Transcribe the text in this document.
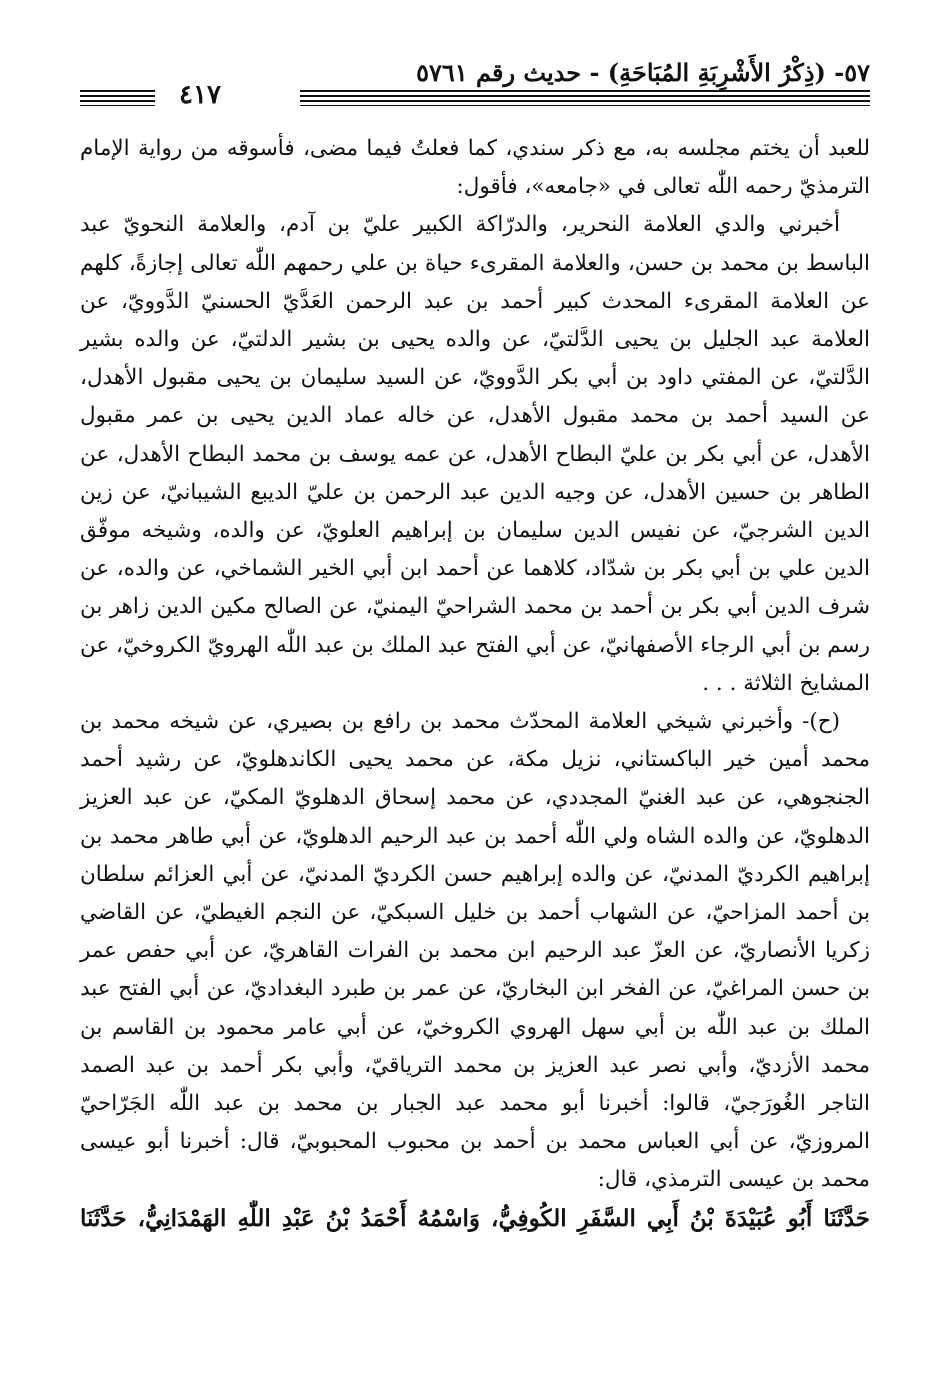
٥٧- (ذِكْرُ الأَشْرِبَةِ المُبَاحَةِ) - حديث رقم ٥٧٦١
٤١٧

للعبد أن يختم مجلسه به، مع ذكر سندي، كما فعلتُ فيما مضى، فأسوقه من رواية الإمام الترمذيّ رحمه اللّٰه تعالى في «جامعه»، فأقول:

أخبرني والدي العلامة النحرير، والدرّاكة الكبير عليّ بن آدم، والعلامة النحويّ عبد الباسط بن محمد بن حسن، والعلامة المقرىء حياة بن علي رحمهم اللّٰه تعالى إجازةً، كلهم عن العلامة المقرىء المحدث كبير أحمد بن عبد الرحمن العَدَّيّ الحسنيّ الدَّوويّ، عن العلامة عبد الجليل بن يحيى الدَّلتيّ، عن والده يحيى بن بشير الدلتيّ، عن والده بشير الدَّلتيّ، عن المفتي داود بن أبي بكر الدَّوويّ، عن السيد سليمان بن يحيى مقبول الأهدل، عن السيد أحمد بن محمد مقبول الأهدل، عن خاله عماد الدين يحيى بن عمر مقبول الأهدل، عن أبي بكر بن عليّ البطاح الأهدل، عن عمه يوسف بن محمد البطاح الأهدل، عن الطاهر بن حسين الأهدل، عن وجيه الدين عبد الرحمن بن عليّ الديبع الشيبانيّ، عن زين الدين الشرجيّ، عن نفيس الدين سليمان بن إبراهيم العلويّ، عن والده، وشيخه موفّق الدين علي بن أبي بكر بن شدّاد، كلاهما عن أحمد ابن أبي الخير الشماخي، عن والده، عن شرف الدين أبي بكر بن أحمد بن محمد الشراحيّ اليمنيّ، عن الصالح مكين الدين زاهر بن رسم بن أبي الرجاء الأصفهانيّ، عن أبي الفتح عبد الملك بن عبد اللّٰه الهرويّ الكروخيّ، عن المشايخ الثلاثة . . .

(ح)- وأخبرني شيخي العلامة المحدّث محمد بن رافع بن بصيري، عن شيخه محمد بن محمد أمين خير الباكستاني، نزيل مكة، عن محمد يحيى الكاندهلويّ، عن رشيد أحمد الجنجوهي، عن عبد الغنيّ المجددي، عن محمد إسحاق الدهلويّ المكيّ، عن عبد العزيز الدهلويّ، عن والده الشاه ولي اللّٰه أحمد بن عبد الرحيم الدهلويّ، عن أبي طاهر محمد بن إبراهيم الكرديّ المدنيّ، عن والده إبراهيم حسن الكرديّ المدنيّ، عن أبي العزائم سلطان بن أحمد المزاحيّ، عن الشهاب أحمد بن خليل السبكيّ، عن النجم الغيطيّ، عن القاضي زكريا الأنصاريّ، عن العزّ عبد الرحيم ابن محمد بن الفرات القاهريّ، عن أبي حفص عمر بن حسن المراغيّ، عن الفخر ابن البخاريّ، عن عمر بن طبرد البغداديّ، عن أبي الفتح عبد الملك بن عبد اللّٰه بن أبي سهل الهروي الكروخيّ، عن أبي عامر محمود بن القاسم بن محمد الأزديّ، وأبي نصر عبد العزيز بن محمد الترياقيّ، وأبي بكر أحمد بن عبد الصمد التاجر الغُورَجيّ، قالوا: أخبرنا أبو محمد عبد الجبار بن محمد بن عبد اللّٰه الجَرّاحيّ المروزيّ، عن أبي العباس محمد بن أحمد بن محبوب المحبوبيّ، قال: أخبرنا أبو عيسى محمد بن عيسى الترمذي، قال:

حَدَّثَنَا أَبُو عُبَيْدَةَ بْنُ أَبِي السَّفَرِ الكُوفِيُّ، وَاسْمُهُ أَحْمَدُ بْنُ عَبْدِ اللّٰهِ الهَمْدَانِيُّ، حَدَّثَنَا
